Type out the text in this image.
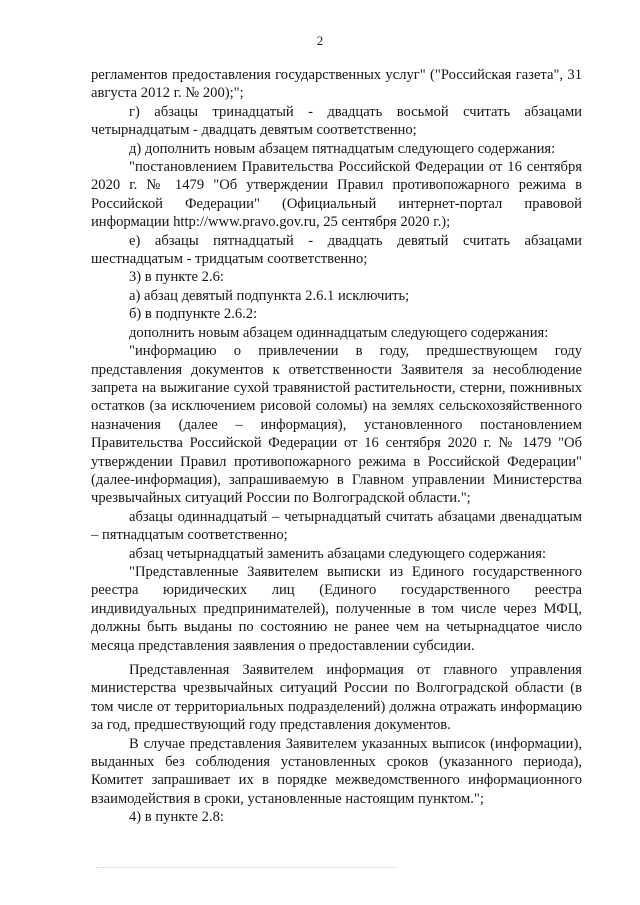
2

регламентов предоставления государственных услуг" ("Российская газета", 31 августа 2012 г. № 200);";

г) абзацы тринадцатый - двадцать восьмой считать абзацами четырнадцатым - двадцать девятым соответственно;

д) дополнить новым абзацем пятнадцатым следующего содержания:

"постановлением Правительства Российской Федерации от 16 сентября 2020 г. № 1479 "Об утверждении Правил противопожарного режима в Российской Федерации" (Официальный интернет-портал правовой информации http://www.pravo.gov.ru, 25 сентября 2020 г.);

е) абзацы пятнадцатый - двадцать девятый считать абзацами шестнадцатым - тридцатым соответственно;

3) в пункте 2.6:

а) абзац девятый подпункта 2.6.1 исключить;

б) в подпункте 2.6.2:

дополнить новым абзацем одиннадцатым следующего содержания:

"информацию о привлечении в году, предшествующем году представления документов к ответственности Заявителя за несоблюдение запрета на выжигание сухой травянистой растительности, стерни, пожнивных остатков (за исключением рисовой соломы) на землях сельскохозяйственного назначения (далее – информация), установленного постановлением Правительства Российской Федерации от 16 сентября 2020 г. № 1479 "Об утверждении Правил противопожарного режима в Российской Федерации" (далее-информация), запрашиваемую в Главном управлении Министерства чрезвычайных ситуаций России по Волгоградской области.";

абзацы одиннадцатый – четырнадцатый считать абзацами двенадцатым – пятнадцатым соответственно;

абзац четырнадцатый заменить абзацами следующего содержания:

"Представленные Заявителем выписки из Единого государственного реестра юридических лиц (Единого государственного реестра индивидуальных предпринимателей), полученные в том числе через МФЦ, должны быть выданы по состоянию не ранее чем на четырнадцатое число месяца представления заявления о предоставлении субсидии.

Представленная Заявителем информация от главного управления министерства чрезвычайных ситуаций России по Волгоградской области (в том числе от территориальных подразделений) должна отражать информацию за год, предшествующий году представления документов.

В случае представления Заявителем указанных выписок (информации), выданных без соблюдения установленных сроков (указанного периода), Комитет запрашивает их в порядке межведомственного информационного взаимодействия в сроки, установленные настоящим пунктом.";

4) в пункте 2.8:
